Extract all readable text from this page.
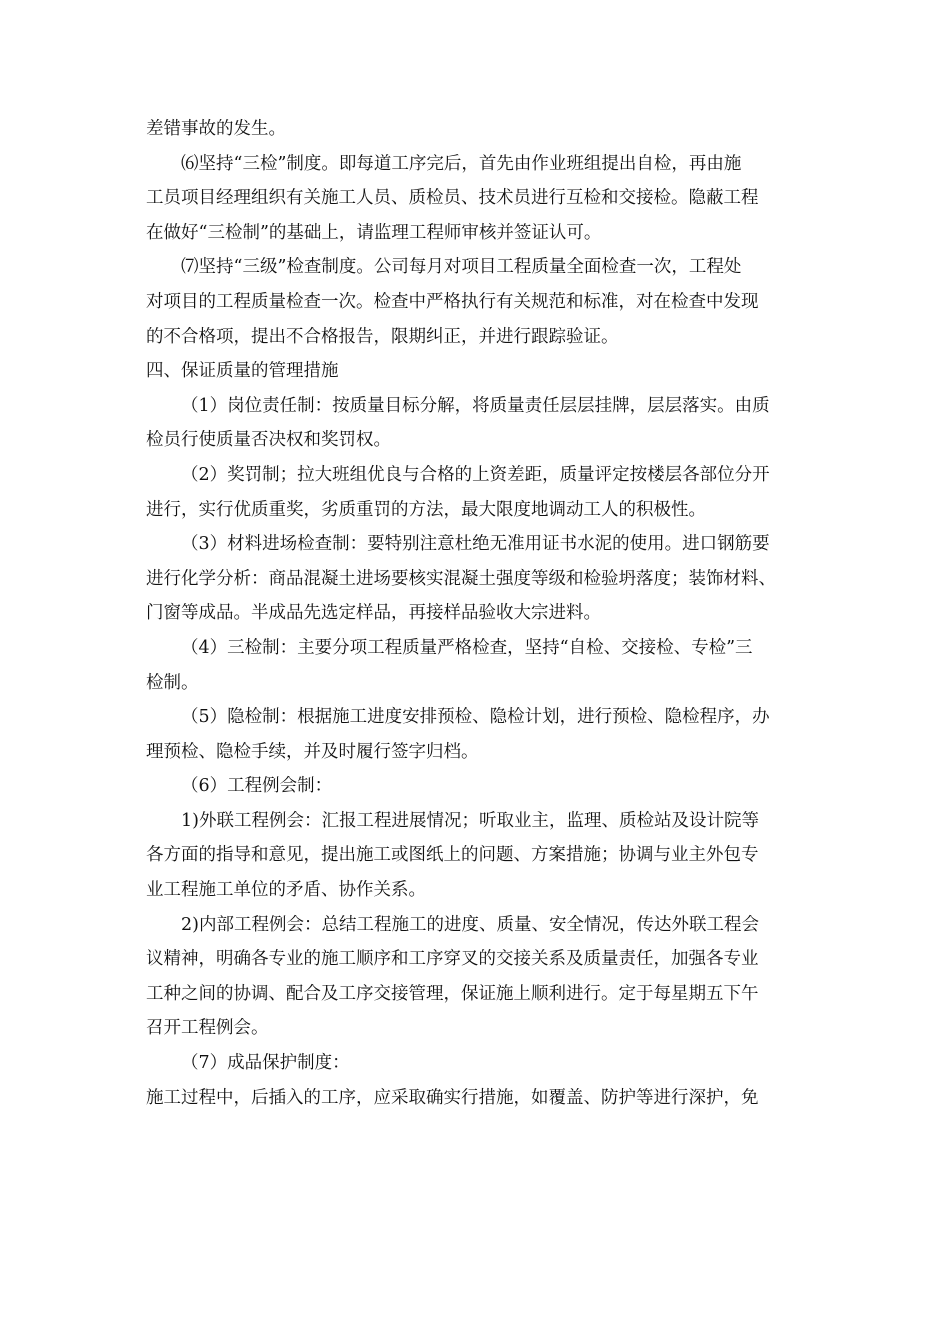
差错事故的发生。

⑹坚持“三检”制度。即每道工序完后，首先由作业班组提出自检，再由施
工员项目经理组织有关施工人员、质检员、技术员进行互检和交接检。隐蔽工程
在做好“三检制”的基础上，请监理工程师审核并签证认可。

⑺坚持“三级”检查制度。公司每月对项目工程质量全面检查一次，工程处
对项目的工程质量检查一次。检查中严格执行有关规范和标准，对在检查中发现
的不合格项，提出不合格报告，限期纠正，并进行跟踪验证。

四、保证质量的管理措施

（1）岗位责任制：按质量目标分解，将质量责任层层挂牌，层层落实。由质
检员行使质量否决权和奖罚权。

（2）奖罚制；拉大班组优良与合格的上资差距，质量评定按楼层各部位分开
进行，实行优质重奖，劣质重罚的方法，最大限度地调动工人的积极性。

（3）材料进场检查制：要特别注意杜绝无准用证书水泥的使用。进口钢筋要
进行化学分析：商品混凝土进场要核实混凝土强度等级和检验坍落度；装饰材料、
门窗等成品。半成品先选定样品，再接样品验收大宗进料。

（4）三检制：主要分项工程质量严格检查，坚持“自检、交接检、专检”三
检制。

（5）隐检制：根据施工进度安排预检、隐检计划，进行预检、隐检程序，办
理预检、隐检手续，并及时履行签字归档。

（6）工程例会制：

1)外联工程例会：汇报工程进展情况；听取业主，监理、质检站及设计院等
各方面的指导和意见，提出施工或图纸上的问题、方案措施；协调与业主外包专
业工程施工单位的矛盾、协作关系。

2)内部工程例会：总结工程施工的进度、质量、安全情况，传达外联工程会
议精神，明确各专业的施工顺序和工序穿叉的交接关系及质量责任，加强各专业
工种之间的协调、配合及工序交接管理，保证施上顺利进行。定于每星期五下午
召开工程例会。

（7）成品保护制度：

施工过程中，后插入的工序，应采取确实行措施，如覆盖、防护等进行深护，免
